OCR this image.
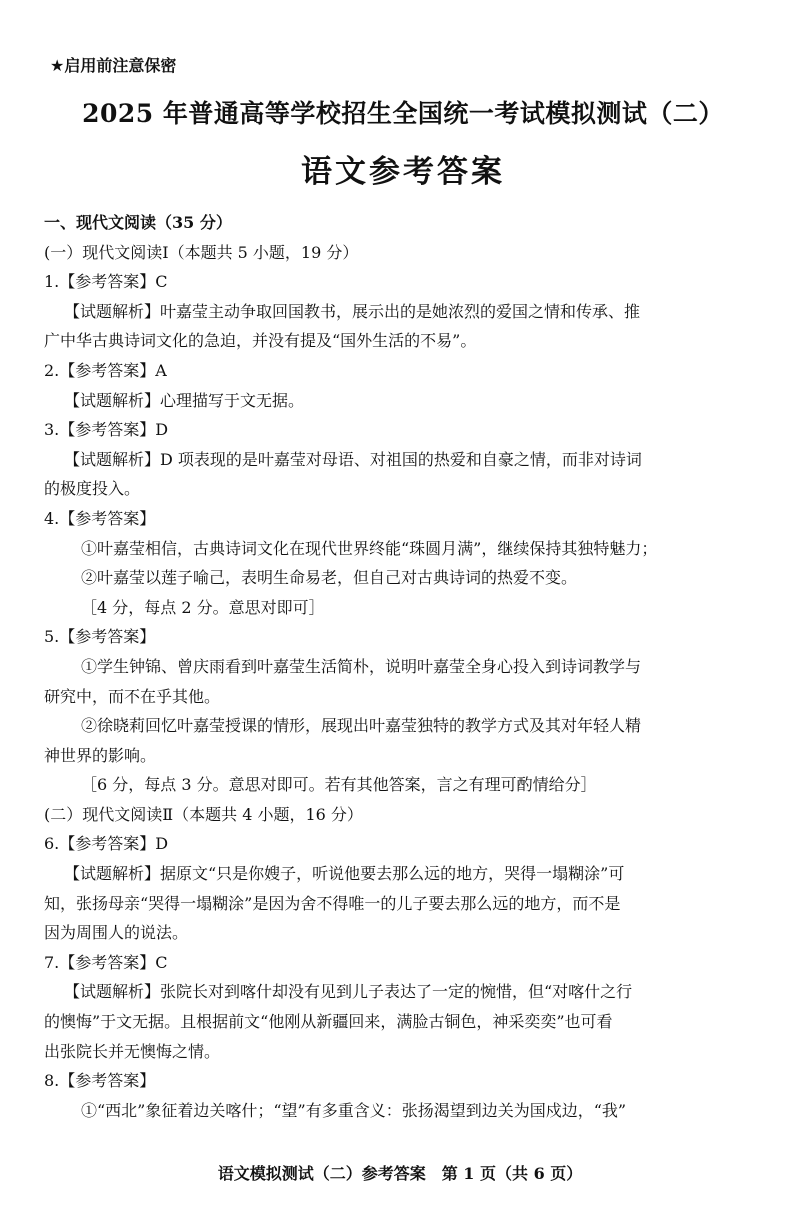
★启用前注意保密
2025 年普通高等学校招生全国统一考试模拟测试（二）
语文参考答案

一、现代文阅读（35 分）

(一）现代文阅读Ⅰ（本题共 5 小题，19 分）

1.【参考答案】C

【试题解析】叶嘉莹主动争取回国教书，展示出的是她浓烈的爱国之情和传承、推

广中华古典诗词文化的急迫，并没有提及“国外生活的不易”。

2.【参考答案】A

【试题解析】心理描写于文无据。

3.【参考答案】D

【试题解析】D 项表现的是叶嘉莹对母语、对祖国的热爱和自豪之情，而非对诗词

的极度投入。

4.【参考答案】

①叶嘉莹相信，古典诗词文化在现代世界终能“珠圆月满”，继续保持其独特魅力；

②叶嘉莹以莲子喻己，表明生命易老，但自己对古典诗词的热爱不变。

［4 分，每点 2 分。意思对即可］

5.【参考答案】

①学生钟锦、曾庆雨看到叶嘉莹生活简朴，说明叶嘉莹全身心投入到诗词教学与

研究中，而不在乎其他。

②徐晓莉回忆叶嘉莹授课的情形，展现出叶嘉莹独特的教学方式及其对年轻人精

神世界的影响。

［6 分，每点 3 分。意思对即可。若有其他答案，言之有理可酌情给分］

(二）现代文阅读Ⅱ（本题共 4 小题，16 分）

6.【参考答案】D

【试题解析】据原文“只是你嫂子，听说他要去那么远的地方，哭得一塌糊涂”可

知，张扬母亲“哭得一塌糊涂”是因为舍不得唯一的儿子要去那么远的地方，而不是

因为周围人的说法。

7.【参考答案】C

【试题解析】张院长对到喀什却没有见到儿子表达了一定的惋惜，但“对喀什之行

的懊悔”于文无据。且根据前文“他刚从新疆回来，满脸古铜色，神采奕奕”也可看

出张院长并无懊悔之情。

8.【参考答案】

①“西北”象征着边关喀什；“望”有多重含义：张扬渴望到边关为国戍边，“我”

语文模拟测试（二）参考答案　第 1 页（共 6 页）
